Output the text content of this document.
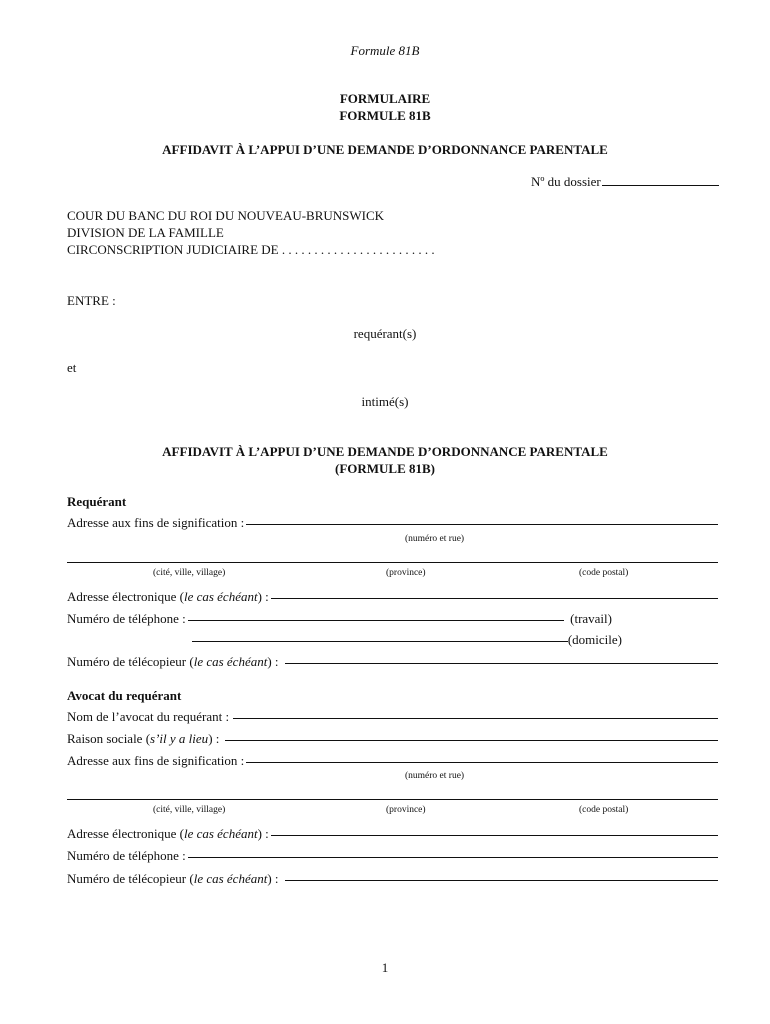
Formule 81B
FORMULAIRE
FORMULE 81B
AFFIDAVIT À L’APPUI D’UNE DEMANDE D’ORDONNANCE PARENTALE
Nº du dossier
COUR DU BANC DU ROI DU NOUVEAU-BRUNSWICK
DIVISION DE LA FAMILLE
CIRCONSCRIPTION JUDICIAIRE DE . . . . . . . . . . . . . . . . . . . . . . . .
ENTRE :
requérant(s)
et
intimé(s)
AFFIDAVIT À L’APPUI D’UNE DEMANDE D’ORDONNANCE PARENTALE
(FORMULE 81B)
Requérant
Adresse aux fins de signification :
(numéro et rue)
(cité, ville, village)	(province)	(code postal)
Adresse électronique ( le cas échéant ) :
Numéro de téléphone :	(travail)
(domicile)
Numéro de télécopieur ( le cas échéant ) :
Avocat du requérant
Nom de l’avocat du requérant :
Raison sociale ( s’il y a lieu ) :
Adresse aux fins de signification :
(numéro et rue)
(cité, ville, village)	(province)	(code postal)
Adresse électronique ( le cas échéant ) :
Numéro de téléphone :
Numéro de télécopieur ( le cas échéant ) :
1
